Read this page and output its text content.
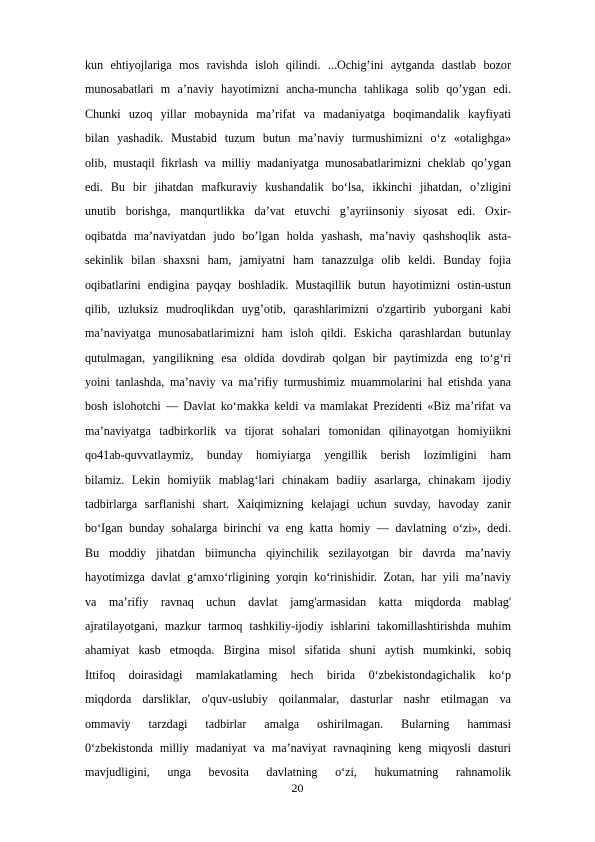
kun ehtiyojlariga mos ravishda isloh qilindi. ...Ochig’ini aytganda dastlab bozor
munosabatlari m a’naviy hayotimizni ancha-muncha tahlikaga solib qo’ygan edi.
Chunki uzoq yillar mobaynida ma’rifat va madaniyatga boqimandalik kayfiyati
bilan yashadik. Mustabid tuzum butun ma’naviy turmushimizni o‘z «otalighga»
olib, mustaqil fikrlash va milliy madaniyatga munosabatlarimizni cheklab qo’ygan
edi. Bu bir jihatdan mafkuraviy kushandalik bo‘lsa, ikkinchi jihatdan, o’zligini
unutib borishga, manqurtlikka da’vat etuvchi g’ayriinsoniy siyosat edi. Oxir-
oqibatda ma’naviyatdan judo bo’lgan holda yashash, ma’naviy qashshoqlik asta-
sekinlik bilan shaxsni ham, jamiyatni ham tanazzulga olib keldi. Bunday fojia
oqibatlarini endigina payqay boshladik. Mustaqillik butun hayotimizni ostin-ustun
qilib, uzluksiz mudroqlikdan uyg’otib, qarashlarimizni o'zgartirib yuborgani kabi
ma’naviyatga munosabatlarimizni ham isloh qildi. Eskicha qarashlardan butunlay
qutulmagan, yangilikning esa oldida dovdirab qolgan bir paytimizda eng to‘g‘ri
yoini tanlashda, ma’naviy va ma’rifiy turmushimiz muammolarini hal etishda yana
bosh islohotchi — Davlat ko‘makka keldi va mamlakat Prezidenti «Biz ma’rifat va
ma’naviyatga tadbirkorlik va tijorat sohalari tomonidan qilinayotgan homiyiikni
qo41ab-quvvatlaymiz, bunday homiyiarga yengillik berish lozimligini ham
bilamiz. Lekin homiyiik mablag‘lari chinakam badiiy asarlarga, chinakam ijodiy
tadbirlarga sarflanishi shart. Xaiqimizning kelajagi uchun suvday, havoday zanir
bo‘Igan bunday sohalarga birinchi va eng katta homiy — davlatning o‘zi», dedi.
Bu moddiy jihatdan biimuncha qiyinchilik sezilayotgan bir davrda ma’naviy
hayotimizga davlat g‘amxo‘rligining yorqin ko‘rinishidir. Zotan, har yili ma’naviy
va ma’rifiy ravnaq uchun davlat jamg'armasidan katta miqdorda mablag'
ajratilayotgani, mazkur tarmoq tashkiliy-ijodiy ishlarini takomillashtirishda muhim
ahamiyat kasb etmoqda. Birgina misol sifatida shuni aytish mumkinki, sobiq
Ittifoq doirasidagi mamlakatlaming hech birida 0‘zbekistondagichalik ko‘p
miqdorda darsliklar, o'quv-uslubiy qoilanmalar, dasturlar nashr etilmagan va
ommaviy tarzdagi tadbirlar amalga oshirilmagan. Bularning hammasi
0‘zbekistonda milliy madaniyat va ma’naviyat ravnaqining keng miqyosli dasturi
mavjudligini, unga bevosita davlatning o‘zi, hukumatning rahnamolik
20
